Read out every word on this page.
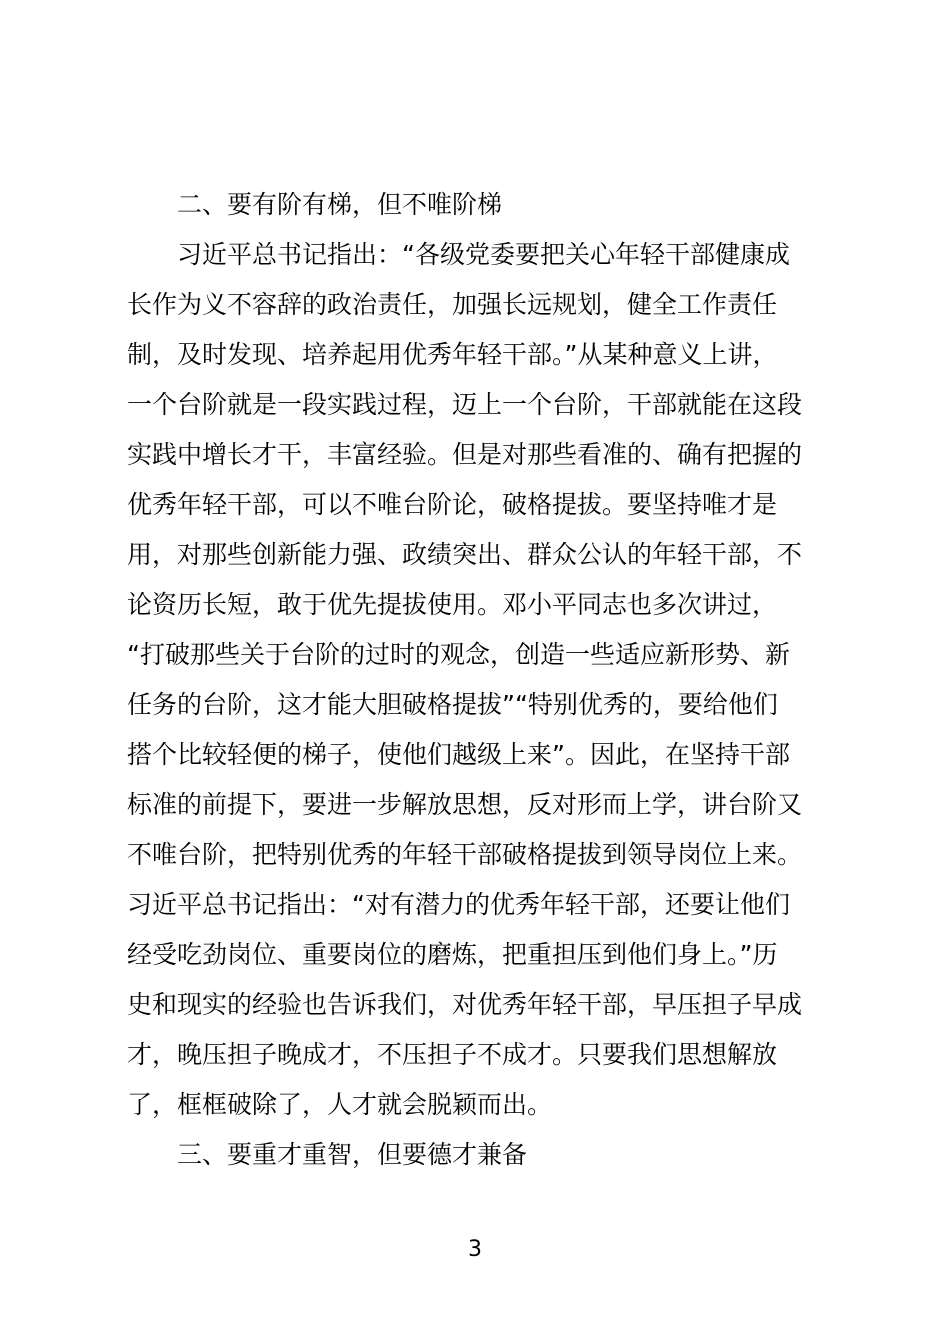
二、要有阶有梯，但不唯阶梯
习近平总书记指出：“各级党委要把关心年轻干部健康成
长作为义不容辞的政治责任，加强长远规划，健全工作责任
制，及时发现、培养起用优秀年轻干部。”从某种意义上讲，
一个台阶就是一段实践过程，迈上一个台阶，干部就能在这段
实践中增长才干，丰富经验。但是对那些看准的、确有把握的
优秀年轻干部，可以不唯台阶论，破格提拔。要坚持唯才是
用，对那些创新能力强、政绩突出、群众公认的年轻干部，不
论资历长短，敢于优先提拔使用。邓小平同志也多次讲过，
“打破那些关于台阶的过时的观念，创造一些适应新形势、新
任务的台阶，这才能大胆破格提拔”“特别优秀的，要给他们
搭个比较轻便的梯子，使他们越级上来”。因此，在坚持干部
标准的前提下，要进一步解放思想，反对形而上学，讲台阶又
不唯台阶，把特别优秀的年轻干部破格提拔到领导岗位上来。
习近平总书记指出：“对有潜力的优秀年轻干部，还要让他们
经受吃劲岗位、重要岗位的磨炼，把重担压到他们身上。”历
史和现实的经验也告诉我们，对优秀年轻干部，早压担子早成
才，晚压担子晚成才，不压担子不成才。只要我们思想解放
了，框框破除了，人才就会脱颖而出。
三、要重才重智，但要德才兼备
3
